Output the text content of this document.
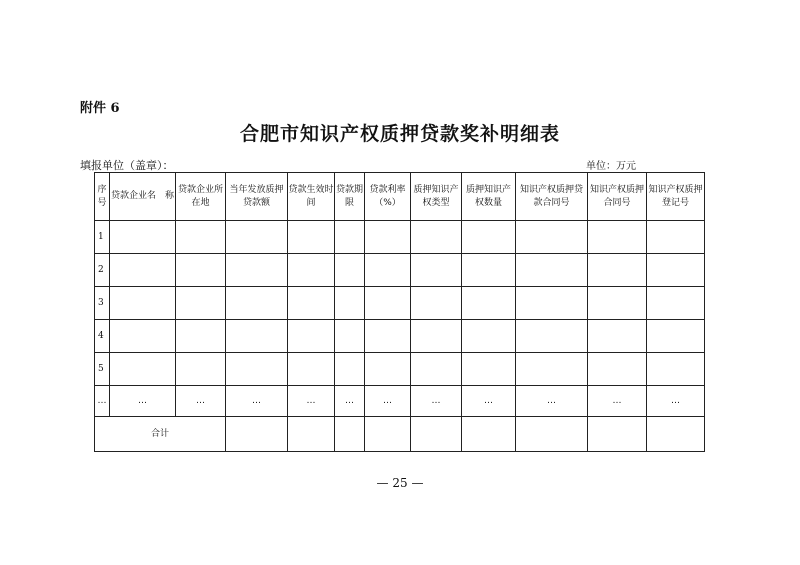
附件 6
合肥市知识产权质押贷款奖补明细表
填报单位（盖章）：	单位：万元
序号	贷款企业名　称	贷款企业所在地	当年发放质押贷款额	贷款生效时间	贷款期限	贷款利率（%）	质押知识产权类型	质押知识产权数量	知识产权质押贷款合同号	知识产权质押合同号	知识产权质押登记号
1											
2											
3											
4											
5											
…	…	…	…	…	…	…	…	…	…	…	…
合计											
— 25 —
